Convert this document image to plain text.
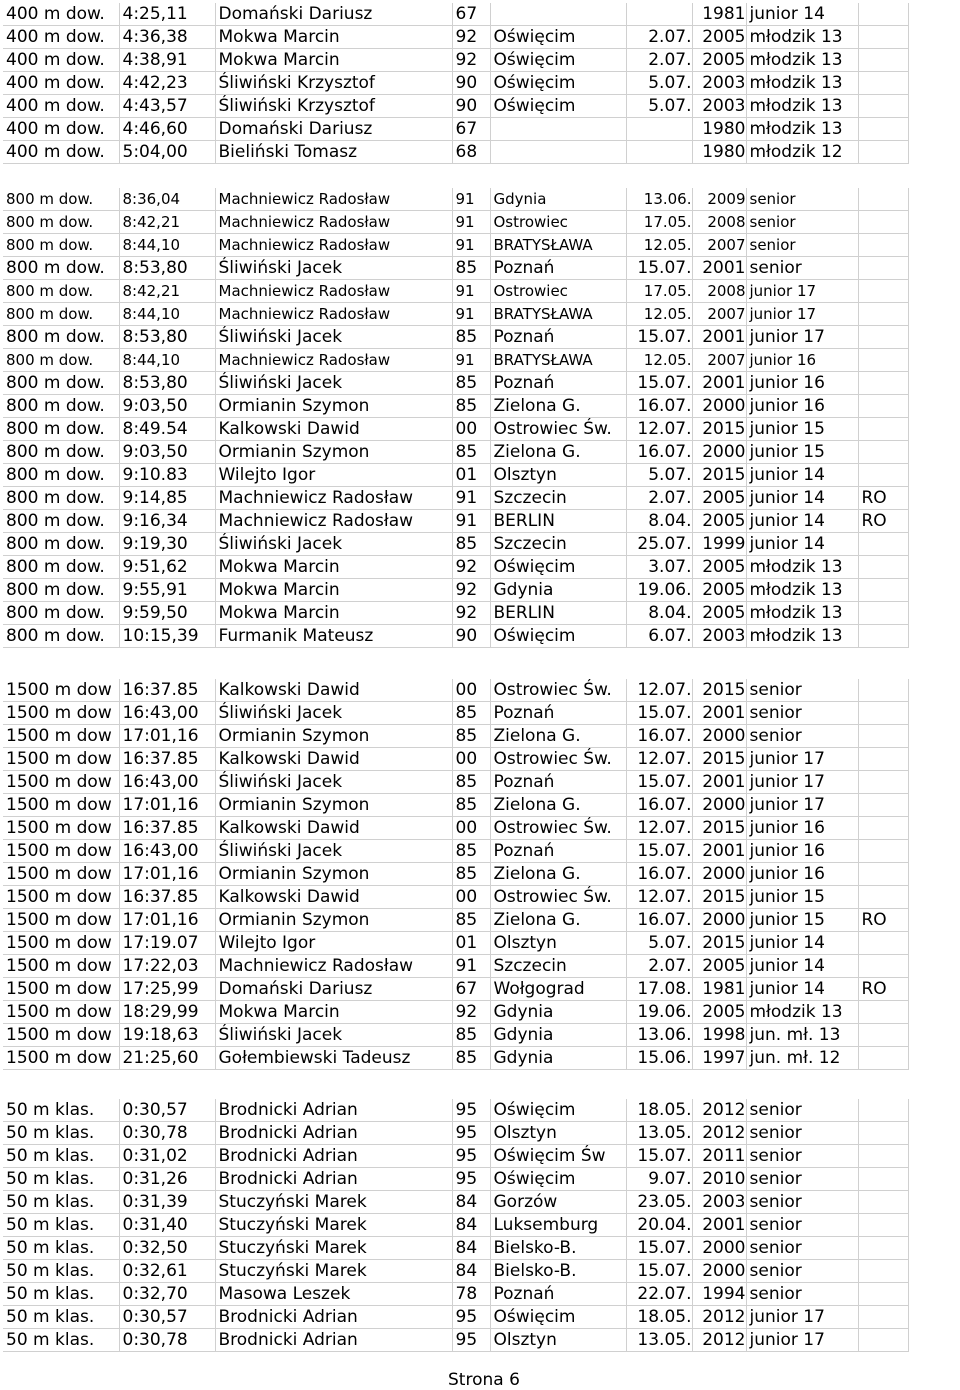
400 m dow.	4:25,11	Domański Dariusz	67			1981	junior 14	
400 m dow.	4:36,38	Mokwa Marcin	92	Oświęcim	2.07.	2005	młodzik 13	
400 m dow.	4:38,91	Mokwa Marcin	92	Oświęcim	2.07.	2005	młodzik 13	
400 m dow.	4:42,23	Śliwiński Krzysztof	90	Oświęcim	5.07.	2003	młodzik 13	
400 m dow.	4:43,57	Śliwiński Krzysztof	90	Oświęcim	5.07.	2003	młodzik 13	
400 m dow.	4:46,60	Domański Dariusz	67			1980	młodzik 13	
400 m dow.	5:04,00	Bieliński Tomasz	68			1980	młodzik 12	
800 m dow.	8:36,04	Machniewicz Radosław	91	Gdynia	13.06.	2009	senior	
800 m dow.	8:42,21	Machniewicz Radosław	91	Ostrowiec	17.05.	2008	senior	
800 m dow.	8:44,10	Machniewicz Radosław	91	BRATYSŁAWA	12.05.	2007	senior	
800 m dow.	8:53,80	Śliwiński Jacek	85	Poznań	15.07.	2001	senior	
800 m dow.	8:42,21	Machniewicz Radosław	91	Ostrowiec	17.05.	2008	junior 17	
800 m dow.	8:44,10	Machniewicz Radosław	91	BRATYSŁAWA	12.05.	2007	junior 17	
800 m dow.	8:53,80	Śliwiński Jacek	85	Poznań	15.07.	2001	junior 17	
800 m dow.	8:44,10	Machniewicz Radosław	91	BRATYSŁAWA	12.05.	2007	junior 16	
800 m dow.	8:53,80	Śliwiński Jacek	85	Poznań	15.07.	2001	junior 16	
800 m dow.	9:03,50	Ormianin Szymon	85	Zielona G.	16.07.	2000	junior 16	
800 m dow.	8:49.54	Kalkowski Dawid	00	Ostrowiec Św.	12.07.	2015	junior 15	
800 m dow.	9:03,50	Ormianin Szymon	85	Zielona G.	16.07.	2000	junior 15	
800 m dow.	9:10.83	Wilejto Igor	01	Olsztyn	5.07.	2015	junior 14	
800 m dow.	9:14,85	Machniewicz Radosław	91	Szczecin	2.07.	2005	junior 14	RO
800 m dow.	9:16,34	Machniewicz Radosław	91	BERLIN	8.04.	2005	junior 14	RO
800 m dow.	9:19,30	Śliwiński Jacek	85	Szczecin	25.07.	1999	junior 14	
800 m dow.	9:51,62	Mokwa Marcin	92	Oświęcim	3.07.	2005	młodzik 13	
800 m dow.	9:55,91	Mokwa Marcin	92	Gdynia	19.06.	2005	młodzik 13	
800 m dow.	9:59,50	Mokwa Marcin	92	BERLIN	8.04.	2005	młodzik 13	
800 m dow.	10:15,39	Furmanik Mateusz	90	Oświęcim	6.07.	2003	młodzik 13	
1500 m dow	16:37.85	Kalkowski Dawid	00	Ostrowiec Św.	12.07.	2015	senior	
1500 m dow	16:43,00	Śliwiński Jacek	85	Poznań	15.07.	2001	senior	
1500 m dow	17:01,16	Ormianin Szymon	85	Zielona G.	16.07.	2000	senior	
1500 m dow	16:37.85	Kalkowski Dawid	00	Ostrowiec Św.	12.07.	2015	junior 17	
1500 m dow	16:43,00	Śliwiński Jacek	85	Poznań	15.07.	2001	junior 17	
1500 m dow	17:01,16	Ormianin Szymon	85	Zielona G.	16.07.	2000	junior 17	
1500 m dow	16:37.85	Kalkowski Dawid	00	Ostrowiec Św.	12.07.	2015	junior 16	
1500 m dow	16:43,00	Śliwiński Jacek	85	Poznań	15.07.	2001	junior 16	
1500 m dow	17:01,16	Ormianin Szymon	85	Zielona G.	16.07.	2000	junior 16	
1500 m dow	16:37.85	Kalkowski Dawid	00	Ostrowiec Św.	12.07.	2015	junior 15	
1500 m dow	17:01,16	Ormianin Szymon	85	Zielona G.	16.07.	2000	junior 15	RO
1500 m dow	17:19.07	Wilejto Igor	01	Olsztyn	5.07.	2015	junior 14	
1500 m dow	17:22,03	Machniewicz Radosław	91	Szczecin	2.07.	2005	junior 14	
1500 m dow	17:25,99	Domański Dariusz	67	Wołgograd	17.08.	1981	junior 14	RO
1500 m dow	18:29,99	Mokwa Marcin	92	Gdynia	19.06.	2005	młodzik 13	
1500 m dow	19:18,63	Śliwiński Jacek	85	Gdynia	13.06.	1998	jun. mł. 13	
1500 m dow	21:25,60	Gołembiewski Tadeusz	85	Gdynia	15.06.	1997	jun. mł. 12	
50 m klas.	0:30,57	Brodnicki Adrian	95	Oświęcim	18.05.	2012	senior	
50 m klas.	0:30,78	Brodnicki Adrian	95	Olsztyn	13.05.	2012	senior	
50 m klas.	0:31,02	Brodnicki Adrian	95	Oświęcim Św	15.07.	2011	senior	
50 m klas.	0:31,26	Brodnicki Adrian	95	Oświęcim	9.07.	2010	senior	
50 m klas.	0:31,39	Stuczyński Marek	84	Gorzów	23.05.	2003	senior	
50 m klas.	0:31,40	Stuczyński Marek	84	Luksemburg	20.04.	2001	senior	
50 m klas.	0:32,50	Stuczyński Marek	84	Bielsko-B.	15.07.	2000	senior	
50 m klas.	0:32,61	Stuczyński Marek	84	Bielsko-B.	15.07.	2000	senior	
50 m klas.	0:32,70	Masowa Leszek	78	Poznań	22.07.	1994	senior	
50 m klas.	0:30,57	Brodnicki Adrian	95	Oświęcim	18.05.	2012	junior 17	
50 m klas.	0:30,78	Brodnicki Adrian	95	Olsztyn	13.05.	2012	junior 17	
Strona 6
